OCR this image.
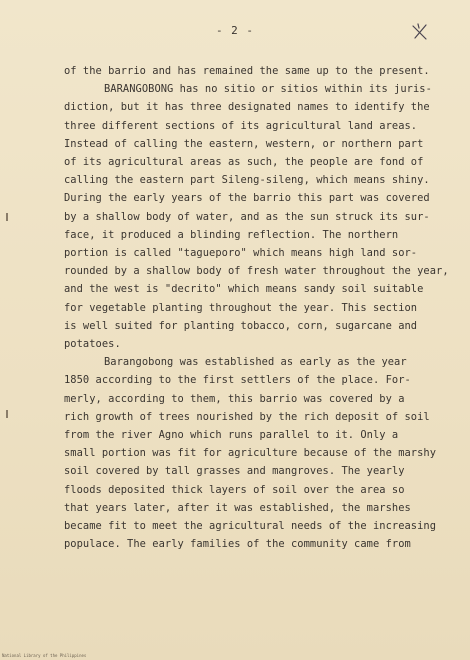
- 2 -
of the barrio and has remained the same up to the present.
BARANGOBONG has no sitio or sitios within its juris-
diction, but it has three designated names to identify the
three different sections of its agricultural land areas.
Instead of calling the eastern, western, or northern part
of its agricultural areas as such, the people are fond of
calling the eastern part Sileng-sileng, which means shiny.
During the early years of the barrio this part was covered
by a shallow body of water, and as the sun struck its sur-
face, it produced a blinding reflection. The northern
portion is called "tagueporo" which means high land sor-
rounded by a shallow body of fresh water throughout the year,
and the west is "decrito" which means sandy soil suitable
for vegetable planting throughout the year. This section
is well suited for planting tobacco, corn, sugarcane and
potatoes.
Barangobong was established as early as the year
1850 according to the first settlers of the place. For-
merly, according to them, this barrio was covered by a
rich growth of trees nourished by the rich deposit of soil
from the river Agno which runs parallel to it. Only a
small portion was fit for agriculture because of the marshy
soil covered by tall grasses and mangroves. The yearly
floods deposited thick layers of soil over the area so
that years later, after it was established, the marshes
became fit to meet the agricultural needs of the increasing
populace. The early families of the community came from
National Library of the Philippines
